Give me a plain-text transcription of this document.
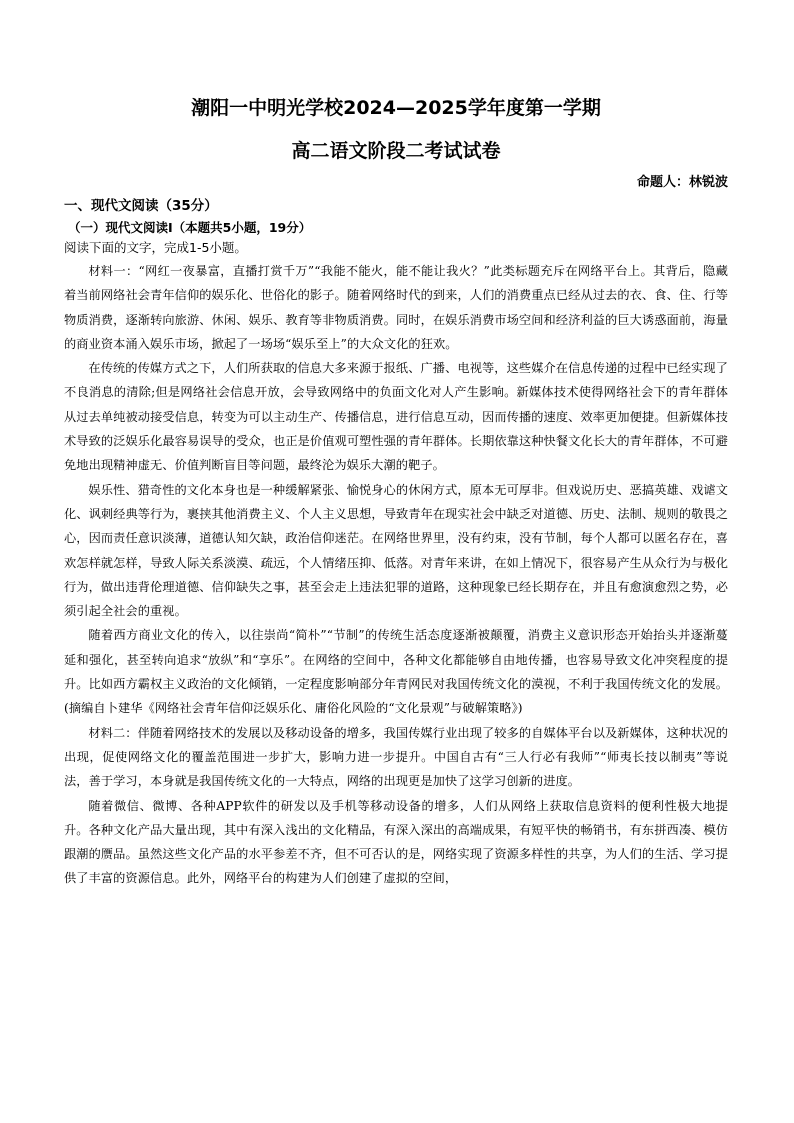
潮阳一中明光学校2024—2025学年度第一学期
高二语文阶段二考试试卷
命题人：林锐波
一、现代文阅读（35分）
（一）现代文阅读Ⅰ（本题共5小题，19分）
阅读下面的文字，完成1-5小题。

材料一：“网红一夜暴富，直播打赏千万”“我能不能火，能不能让我火？”此类标题充斥在网络平台上。其背后，隐藏着当前网络社会青年信仰的娱乐化、世俗化的影子。随着网络时代的到来，人们的消费重点已经从过去的衣、食、住、行等物质消费，逐渐转向旅游、休闲、娱乐、教育等非物质消费。同时，在娱乐消费市场空间和经济利益的巨大诱惑面前，海量的商业资本涌入娱乐市场，掀起了一场场“娱乐至上”的大众文化的狂欢。

在传统的传媒方式之下，人们所获取的信息大多来源于报纸、广播、电视等，这些媒介在信息传递的过程中已经实现了不良消息的清除;但是网络社会信息开放，会导致网络中的负面文化对人产生影响。新媒体技术使得网络社会下的青年群体从过去单纯被动接受信息，转变为可以主动生产、传播信息，进行信息互动，因而传播的速度、效率更加便捷。但新媒体技术导致的泛娱乐化最容易误导的受众，也正是价值观可塑性强的青年群体。长期依靠这种快餐文化长大的青年群体，不可避免地出现精神虚无、价值判断盲目等问题，最终沦为娱乐大潮的靶子。

娱乐性、猎奇性的文化本身也是一种缓解紧张、愉悦身心的休闲方式，原本无可厚非。但戏说历史、恶搞英雄、戏谑文化、讽刺经典等行为，裹挟其他消费主义、个人主义思想，导致青年在现实社会中缺乏对道德、历史、法制、规则的敬畏之心，因而责任意识淡薄，道德认知欠缺，政治信仰迷茫。在网络世界里，没有约束，没有节制，每个人都可以匿名存在，喜欢怎样就怎样，导致人际关系淡漠、疏远，个人情绪压抑、低落。对青年来讲，在如上情况下，很容易产生从众行为与极化行为，做出违背伦理道德、信仰缺失之事，甚至会走上违法犯罪的道路，这种现象已经长期存在，并且有愈演愈烈之势，必须引起全社会的重视。

随着西方商业文化的传入，以往崇尚“简朴”“节制”的传统生活态度逐渐被颠覆，消费主义意识形态开始抬头并逐渐蔓延和强化，甚至转向追求“放纵”和“享乐”。在网络的空间中，各种文化都能够自由地传播，也容易导致文化冲突程度的提升。比如西方霸权主义政治的文化倾销，一定程度影响部分年青网民对我国传统文化的漠视，不利于我国传统文化的发展。(摘编自卜建华《网络社会青年信仰泛娱乐化、庸俗化风险的“文化景观”与破解策略》)

材料二：伴随着网络技术的发展以及移动设备的增多，我国传媒行业出现了较多的自媒体平台以及新媒体，这种状况的出现，促使网络文化的覆盖范围进一步扩大，影响力进一步提升。中国自古有“三人行必有我师”“师夷长技以制夷”等说法，善于学习，本身就是我国传统文化的一大特点，网络的出现更是加快了这学习创新的进度。

随着微信、微博、各种APP软件的研发以及手机等移动设备的增多，人们从网络上获取信息资料的便利性极大地提升。各种文化产品大量出现，其中有深入浅出的文化精品，有深入深出的高端成果，有短平快的畅销书，有东拼西凑、模仿跟潮的赝品。虽然这些文化产品的水平参差不齐，但不可否认的是，网络实现了资源多样性的共享，为人们的生活、学习提供了丰富的资源信息。此外，网络平台的构建为人们创建了虚拟的空间，
